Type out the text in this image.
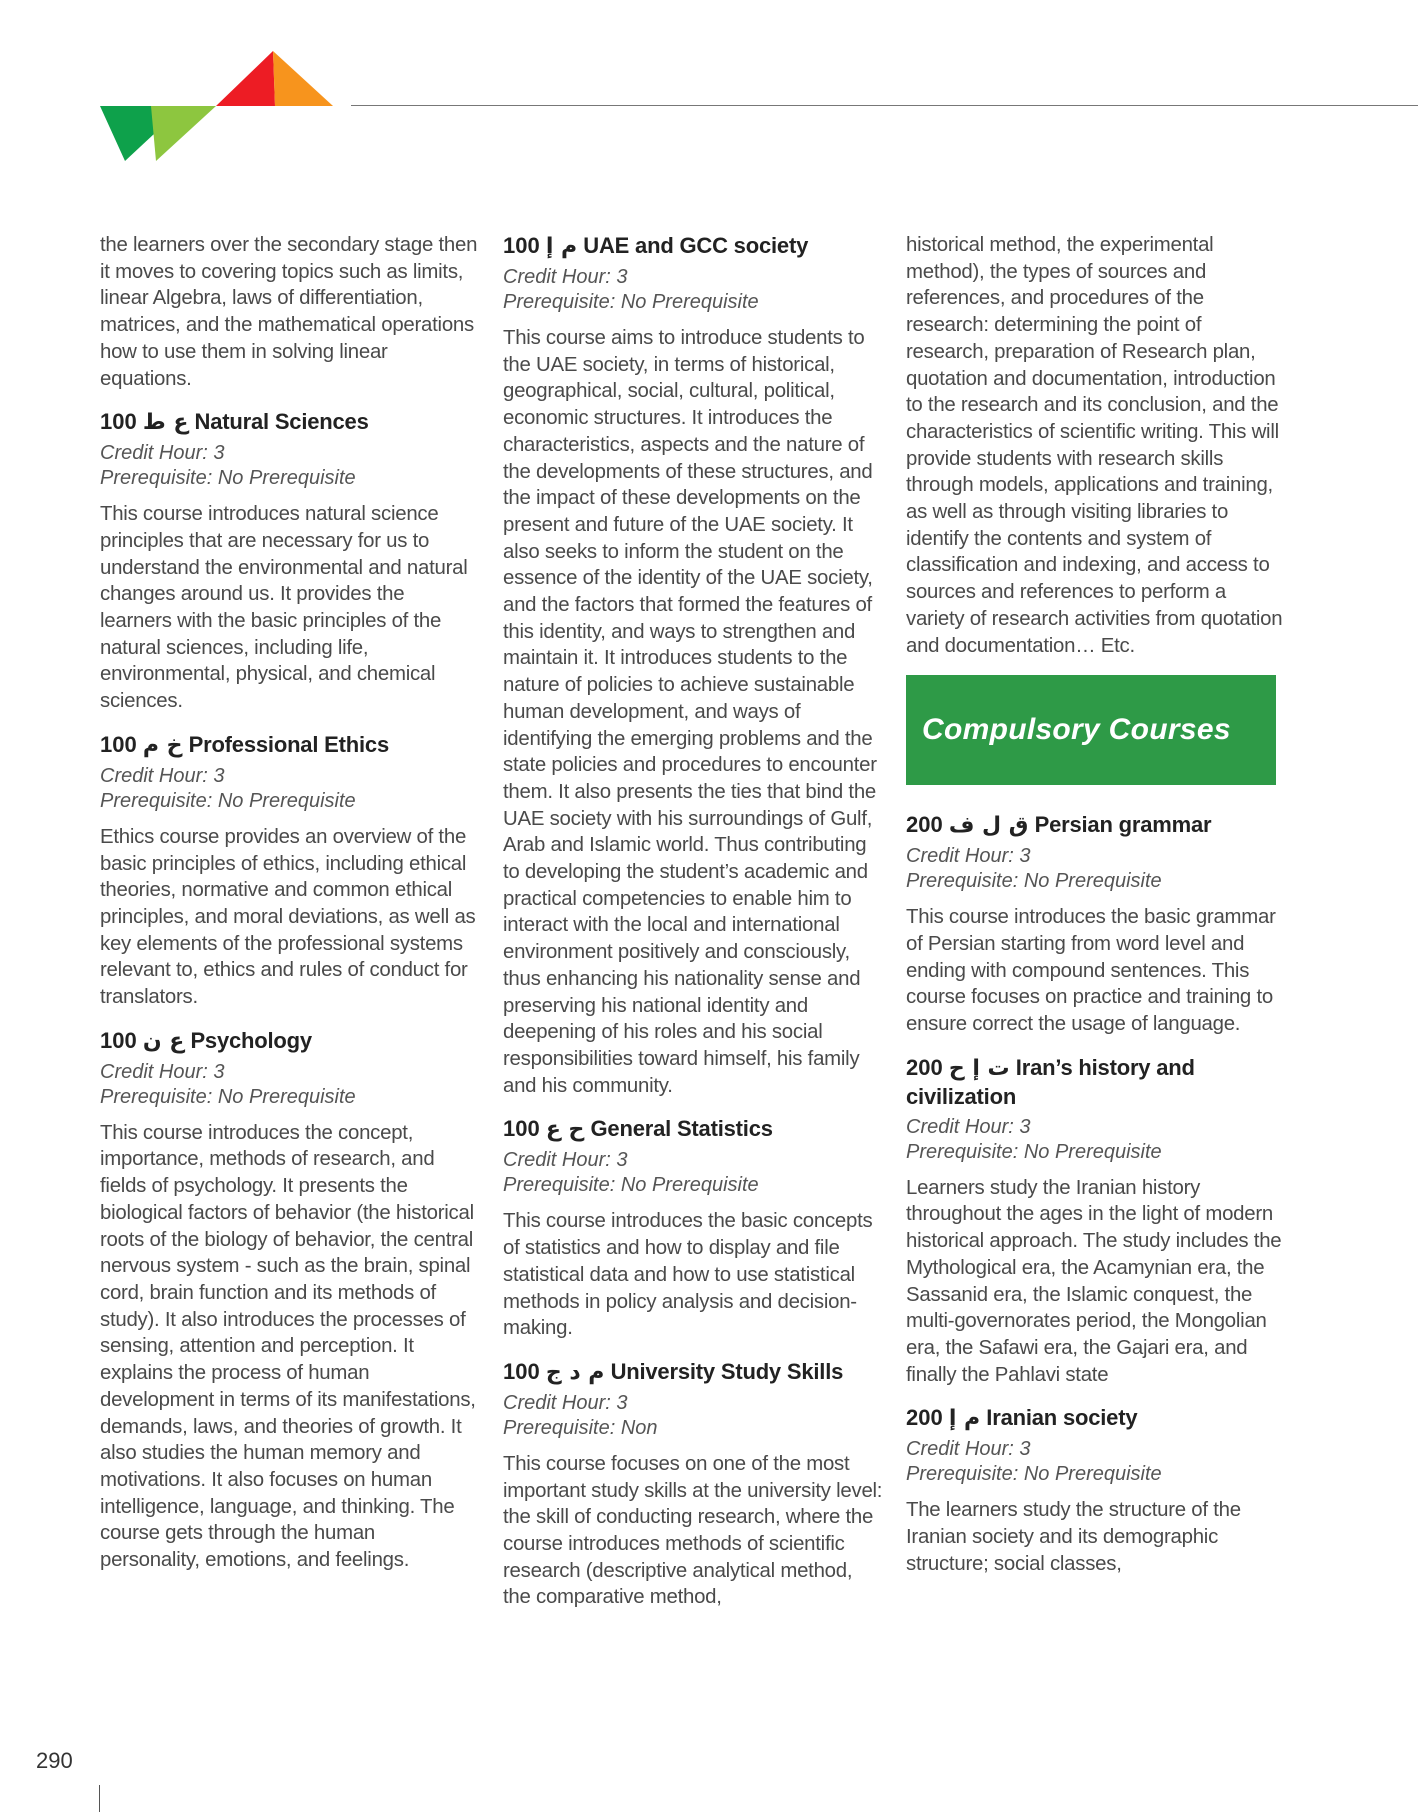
the learners over the secondary stage then it moves to covering topics such as limits, linear Algebra, laws of differentiation, matrices, and the mathematical operations how to use them in solving linear equations.

100 ع ط Natural Sciences
Credit Hour: 3
Prerequisite: No Prerequisite

This course introduces natural science principles that are necessary for us to understand the environmental and natural changes around us. It provides the learners with the basic principles of the natural sciences, including life, environmental, physical, and chemical sciences.

100 خ م Professional Ethics
Credit Hour: 3
Prerequisite: No Prerequisite

Ethics course provides an overview of the basic principles of ethics, including ethical theories, normative and common ethical principles, and moral deviations, as well as key elements of the professional systems relevant to, ethics and rules of conduct for translators.

100 ع ن Psychology
Credit Hour: 3
Prerequisite: No Prerequisite

This course introduces the concept, importance, methods of research, and fields of psychology. It presents the biological factors of behavior (the historical roots of the biology of behavior, the central nervous system - such as the brain, spinal cord, brain function and its methods of study). It also introduces the processes of sensing, attention and perception. It explains the process of human development in terms of its manifestations, demands, laws, and theories of growth. It also studies the human memory and motivations. It also focuses on human intelligence, language, and thinking. The course gets through the human personality, emotions, and feelings.

100 م إ UAE and GCC society
Credit Hour: 3
Prerequisite: No Prerequisite

This course aims to introduce students to the UAE society, in terms of historical, geographical, social, cultural, political, economic structures. It introduces the characteristics, aspects and the nature of the developments of these structures, and the impact of these developments on the present and future of the UAE society. It also seeks to inform the student on the essence of the identity of the UAE society, and the factors that formed the features of this identity, and ways to strengthen and maintain it. It introduces students to the nature of policies to achieve sustainable human development, and ways of identifying the emerging problems and the state policies and procedures to encounter them. It also presents the ties that bind the UAE society with his surroundings of Gulf, Arab and Islamic world. Thus contributing to developing the student’s academic and practical competencies to enable him to interact with the local and international environment positively and consciously, thus enhancing his nationality sense and preserving his national identity and deepening of his roles and his social responsibilities toward himself, his family and his community.

100 ح ع General Statistics
Credit Hour: 3
Prerequisite: No Prerequisite

This course introduces the basic concepts of statistics and how to display and file statistical data and how to use statistical methods in policy analysis and decision-making.

100 م د ج University Study Skills
Credit Hour: 3
Prerequisite: Non

This course focuses on one of the most important study skills at the university level: the skill of conducting research, where the course introduces methods of scientific research (descriptive analytical method, the comparative method,

historical method, the experimental method), the types of sources and references, and procedures of the research: determining the point of research, preparation of Research plan, quotation and documentation, introduction to the research and its conclusion, and the characteristics of scientific writing. This will provide students with research skills through models, applications and training, as well as through visiting libraries to identify the contents and system of classification and indexing, and access to sources and references to perform a variety of research activities from quotation and documentation… Etc.

Compulsory Courses
200 ق ل ف Persian grammar
Credit Hour: 3
Prerequisite: No Prerequisite

This course introduces the basic grammar of Persian starting from word level and ending with compound sentences. This course focuses on practice and training to ensure correct the usage of language.

200 ت إ ح Iran’s history and civilization
Credit Hour: 3
Prerequisite: No Prerequisite

Learners study the Iranian history throughout the ages in the light of modern historical approach. The study includes the Mythological era, the Acamynian era, the Sassanid era, the Islamic conquest, the multi-governorates period, the Mongolian era, the Safawi era, the Gajari era, and finally the Pahlavi state

200 م إ Iranian society
Credit Hour: 3
Prerequisite: No Prerequisite

The learners study the structure of the Iranian society and its demographic structure; social classes,

290
